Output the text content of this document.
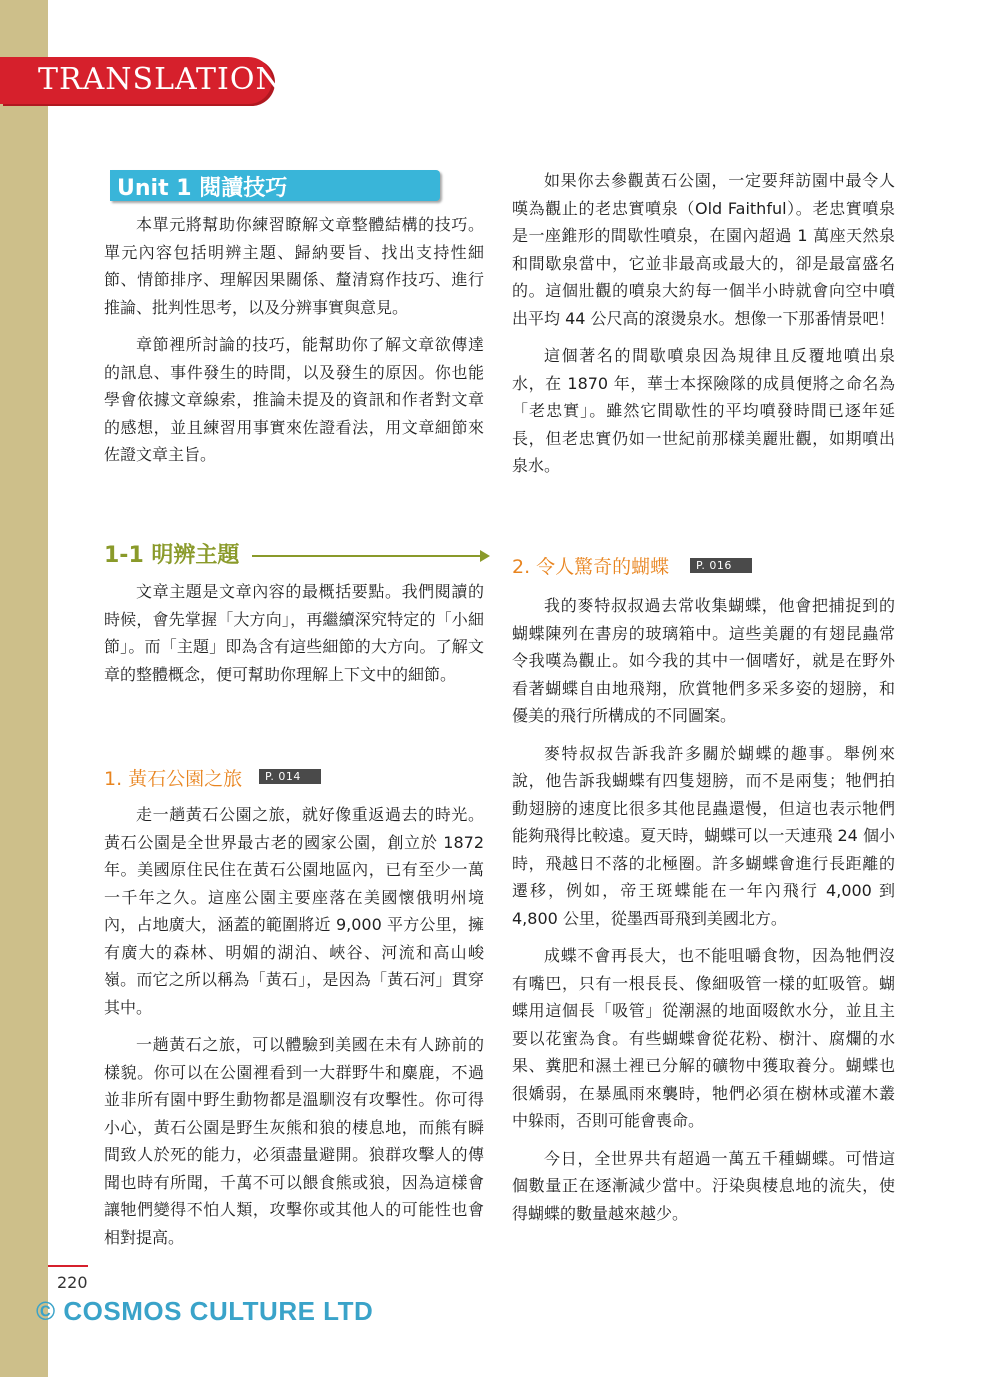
TRANSLATION
Unit 1 閱讀技巧

本單元將幫助你練習瞭解文章整體結構的技巧。單元內容包括明辨主題、歸納要旨、找出支持性細節、情節排序、理解因果關係、釐清寫作技巧、進行推論、批判性思考，以及分辨事實與意見。

章節裡所討論的技巧，能幫助你了解文章欲傳達的訊息、事件發生的時間，以及發生的原因。你也能學會依據文章線索，推論未提及的資訊和作者對文章的感想，並且練習用事實來佐證看法，用文章細節來佐證文章主旨。

1-1 明辨主題

文章主題是文章內容的最概括要點。我們閱讀的時候，會先掌握「大方向」，再繼續深究特定的「小細節」。而「主題」即為含有這些細節的大方向。了解文章的整體概念，便可幫助你理解上下文中的細節。

1. 黃石公園之旅	P. 014

走一趟黃石公園之旅，就好像重返過去的時光。黃石公園是全世界最古老的國家公園，創立於 1872 年。美國原住民住在黃石公園地區內，已有至少一萬一千年之久。這座公園主要座落在美國懷俄明州境內，占地廣大，涵蓋的範圍將近 9,000 平方公里，擁有廣大的森林、明媚的湖泊、峽谷、河流和高山峻嶺。而它之所以稱為「黃石」，是因為「黃石河」貫穿其中。

一趟黃石之旅，可以體驗到美國在未有人跡前的樣貌。你可以在公園裡看到一大群野牛和麋鹿，不過並非所有園中野生動物都是溫馴沒有攻擊性。你可得小心，黃石公園是野生灰熊和狼的棲息地，而熊有瞬間致人於死的能力，必須盡量避開。狼群攻擊人的傳聞也時有所聞，千萬不可以餵食熊或狼，因為這樣會讓牠們變得不怕人類，攻擊你或其他人的可能性也會相對提高。

如果你去參觀黃石公園，一定要拜訪園中最令人嘆為觀止的老忠實噴泉（Old Faithful）。老忠實噴泉是一座錐形的間歇性噴泉，在園內超過 1 萬座天然泉和間歇泉當中，它並非最高或最大的，卻是最富盛名的。這個壯觀的噴泉大約每一個半小時就會向空中噴出平均 44 公尺高的滾燙泉水。想像一下那番情景吧！

這個著名的間歇噴泉因為規律且反覆地噴出泉水，在 1870 年，華士本探險隊的成員便將之命名為「老忠實」。雖然它間歇性的平均噴發時間已逐年延長，但老忠實仍如一世紀前那樣美麗壯觀，如期噴出泉水。

2. 令人驚奇的蝴蝶	P. 016

我的麥特叔叔過去常收集蝴蝶，他會把捕捉到的蝴蝶陳列在書房的玻璃箱中。這些美麗的有翅昆蟲常令我嘆為觀止。如今我的其中一個嗜好，就是在野外看著蝴蝶自由地飛翔，欣賞牠們多采多姿的翅膀，和優美的飛行所構成的不同圖案。

麥特叔叔告訴我許多關於蝴蝶的趣事。舉例來說，他告訴我蝴蝶有四隻翅膀，而不是兩隻；牠們拍動翅膀的速度比很多其他昆蟲還慢，但這也表示牠們能夠飛得比較遠。夏天時，蝴蝶可以一天連飛 24 個小時，飛越日不落的北極圈。許多蝴蝶會進行長距離的遷移，例如，帝王斑蝶能在一年內飛行 4,000 到 4,800 公里，從墨西哥飛到美國北方。

成蝶不會再長大，也不能咀嚼食物，因為牠們沒有嘴巴，只有一根長長、像細吸管一樣的虹吸管。蝴蝶用這個長「吸管」從潮濕的地面啜飲水分，並且主要以花蜜為食。有些蝴蝶會從花粉、樹汁、腐爛的水果、糞肥和濕土裡已分解的礦物中獲取養分。蝴蝶也很嬌弱，在暴風雨來襲時，牠們必須在樹林或灌木叢中躲雨，否則可能會喪命。

今日，全世界共有超過一萬五千種蝴蝶。可惜這個數量正在逐漸減少當中。汙染與棲息地的流失，使得蝴蝶的數量越來越少。

220
© COSMOS CULTURE LTD
